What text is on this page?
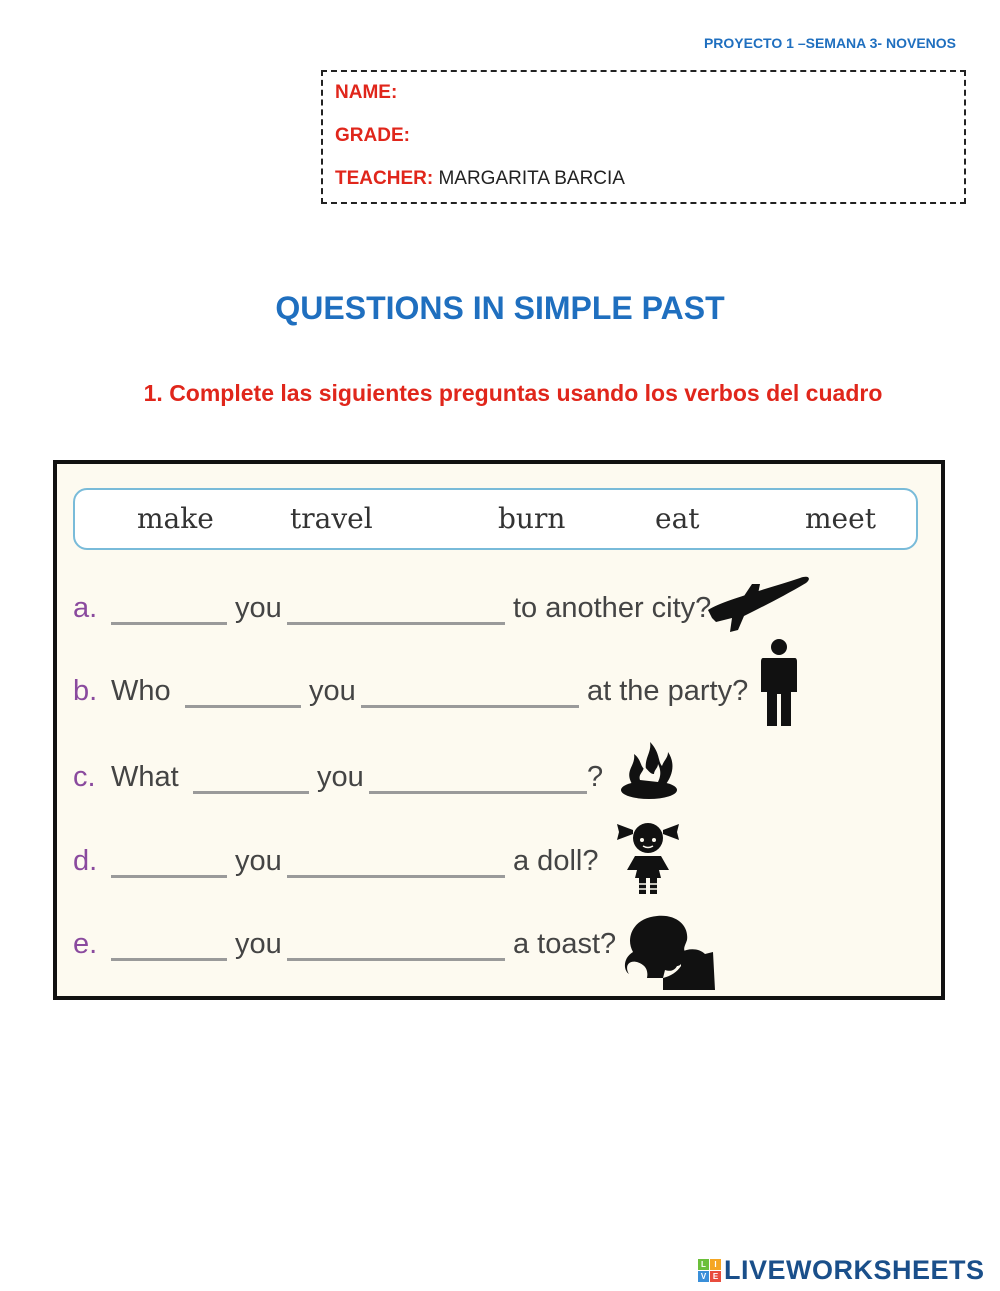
PROYECTO 1 –SEMANA 3- NOVENOS
NAME:
GRADE:
TEACHER: MARGARITA BARCIA
QUESTIONS IN SIMPLE PAST
1. Complete las siguientes preguntas usando los verbos del cuadro
make	travel	burn	eat	meet
a.	you	to another city?
b. Who	you	at the party?
c. What	you	?
d.	you	a doll?
e.	you	a toast?
L	I
V E LIVEWORKSHEETS
